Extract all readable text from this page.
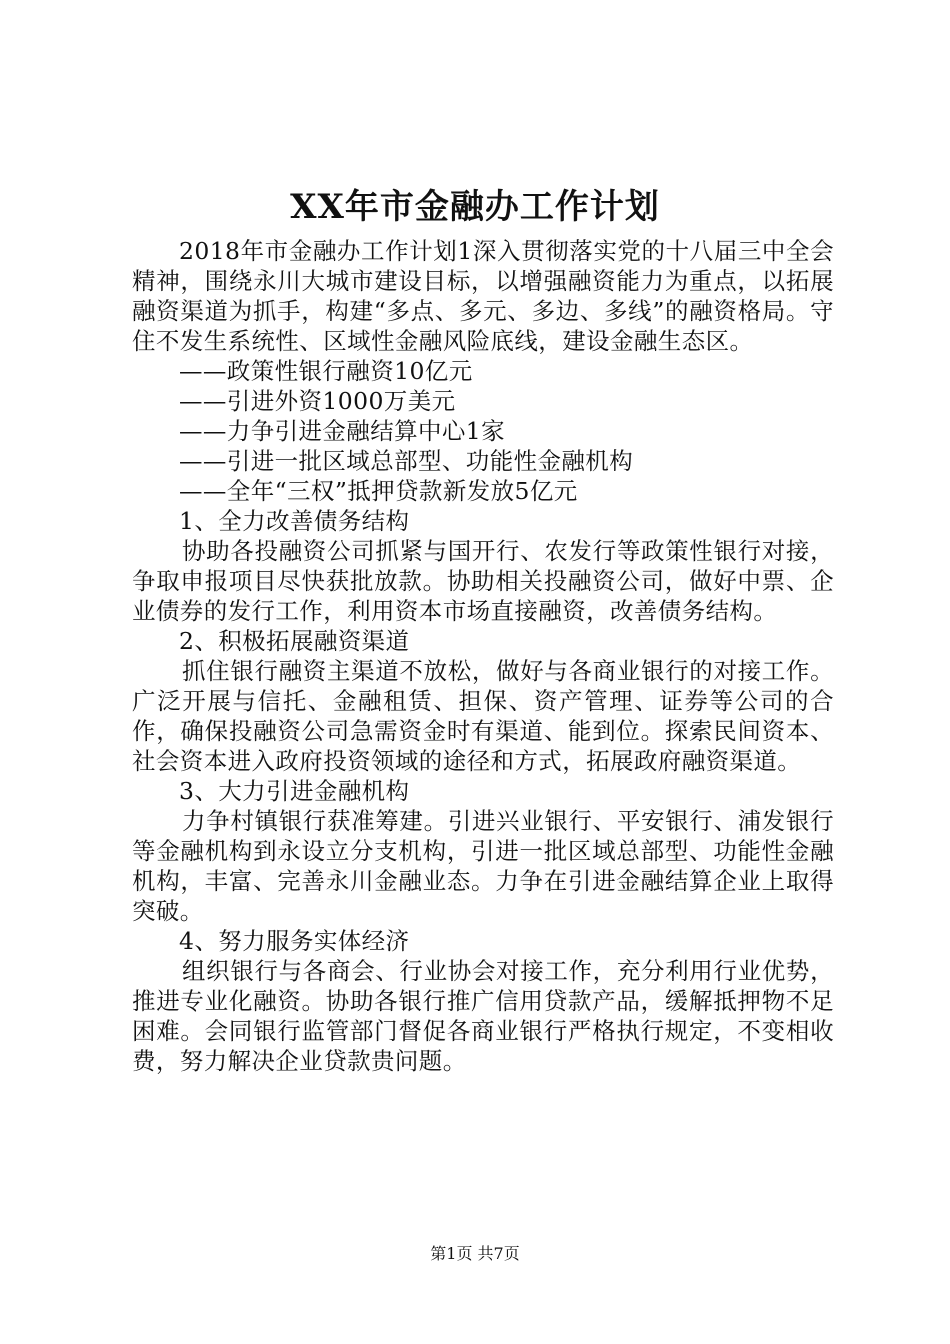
XX年市金融办工作计划

2018年市金融办工作计划1深入贯彻落实党的十八届三中全会精神，围绕永川大城市建设目标，以增强融资能力为重点，以拓展融资渠道为抓手，构建“多点、多元、多边、多线”的融资格局。守住不发生系统性、区域性金融风险底线，建设金融生态区。

——政策性银行融资10亿元

——引进外资1000万美元

——力争引进金融结算中心1家

——引进一批区域总部型、功能性金融机构

——全年“三权”抵押贷款新发放5亿元

1、全力改善债务结构

协助各投融资公司抓紧与国开行、农发行等政策性银行对接，争取申报项目尽快获批放款。协助相关投融资公司，做好中票、企业债券的发行工作，利用资本市场直接融资，改善债务结构。

2、积极拓展融资渠道

抓住银行融资主渠道不放松，做好与各商业银行的对接工作。广泛开展与信托、金融租赁、担保、资产管理、证券等公司的合作，确保投融资公司急需资金时有渠道、能到位。探索民间资本、社会资本进入政府投资领域的途径和方式，拓展政府融资渠道。

3、大力引进金融机构

力争村镇银行获准筹建。引进兴业银行、平安银行、浦发银行等金融机构到永设立分支机构，引进一批区域总部型、功能性金融机构，丰富、完善永川金融业态。力争在引进金融结算企业上取得突破。

4、努力服务实体经济

组织银行与各商会、行业协会对接工作，充分利用行业优势，推进专业化融资。协助各银行推广信用贷款产品，缓解抵押物不足困难。会同银行监管部门督促各商业银行严格执行规定，不变相收费，努力解决企业贷款贵问题。

第1页 共7页
